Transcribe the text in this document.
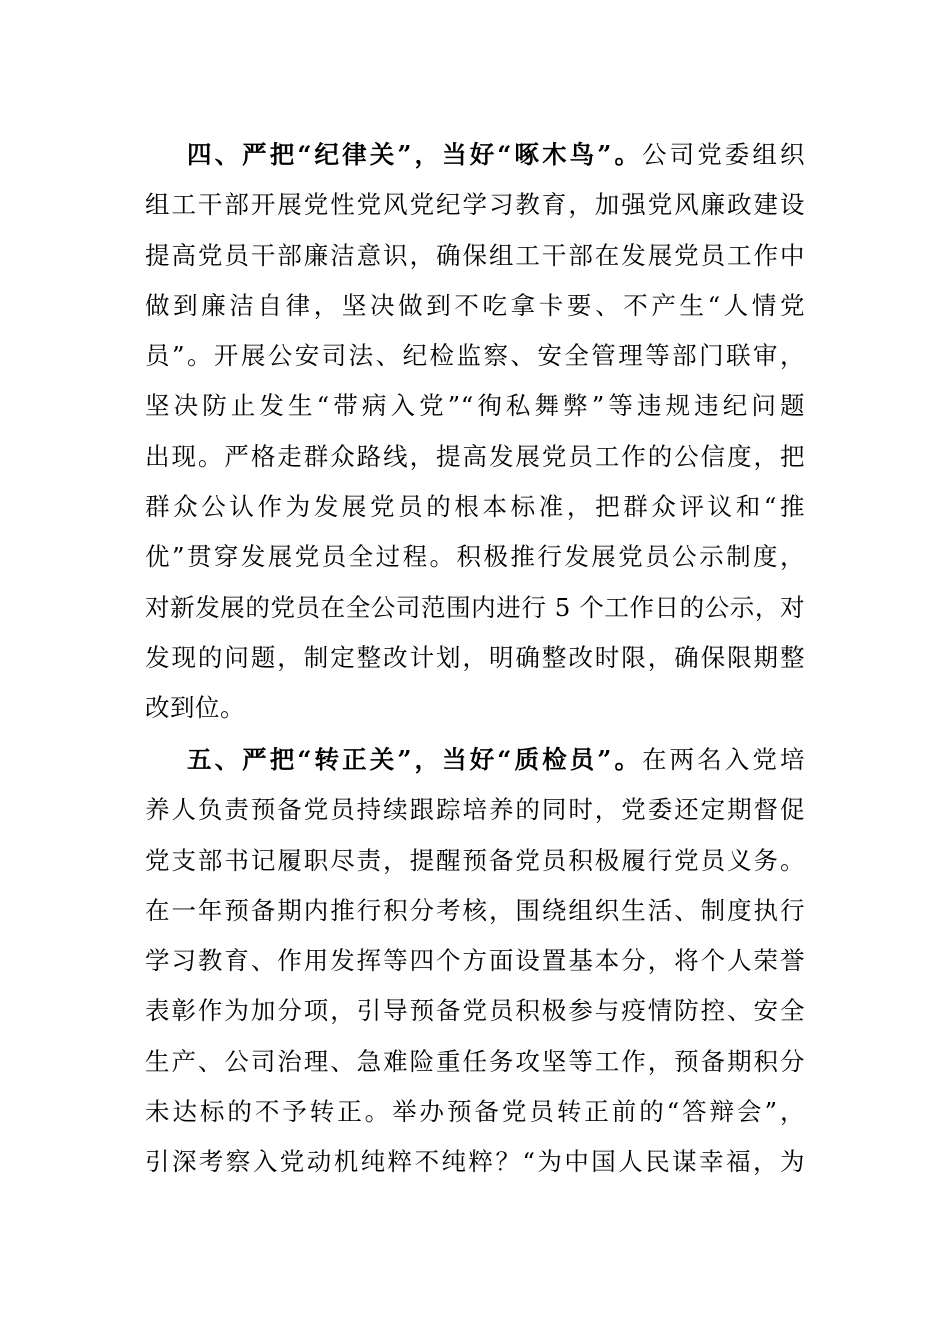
四、严把“纪律关”，当好“啄木鸟”。公司党委组织
组工干部开展党性党风党纪学习教育，加强党风廉政建设
提高党员干部廉洁意识，确保组工干部在发展党员工作中
做到廉洁自律，坚决做到不吃拿卡要、不产生“人情党
员”。开展公安司法、纪检监察、安全管理等部门联审，
坚决防止发生“带病入党”“徇私舞弊”等违规违纪问题
出现。严格走群众路线，提高发展党员工作的公信度，把
群众公认作为发展党员的根本标准，把群众评议和“推
优”贯穿发展党员全过程。积极推行发展党员公示制度，
对新发展的党员在全公司范围内进行 5 个工作日的公示，对
发现的问题，制定整改计划，明确整改时限，确保限期整
改到位。
五、严把“转正关”，当好“质检员”。在两名入党培
养人负责预备党员持续跟踪培养的同时，党委还定期督促
党支部书记履职尽责，提醒预备党员积极履行党员义务。
在一年预备期内推行积分考核，围绕组织生活、制度执行
学习教育、作用发挥等四个方面设置基本分，将个人荣誉
表彰作为加分项，引导预备党员积极参与疫情防控、安全
生产、公司治理、急难险重任务攻坚等工作，预备期积分
未达标的不予转正。举办预备党员转正前的“答辩会”，
引深考察入党动机纯粹不纯粹？“为中国人民谋幸福，为
